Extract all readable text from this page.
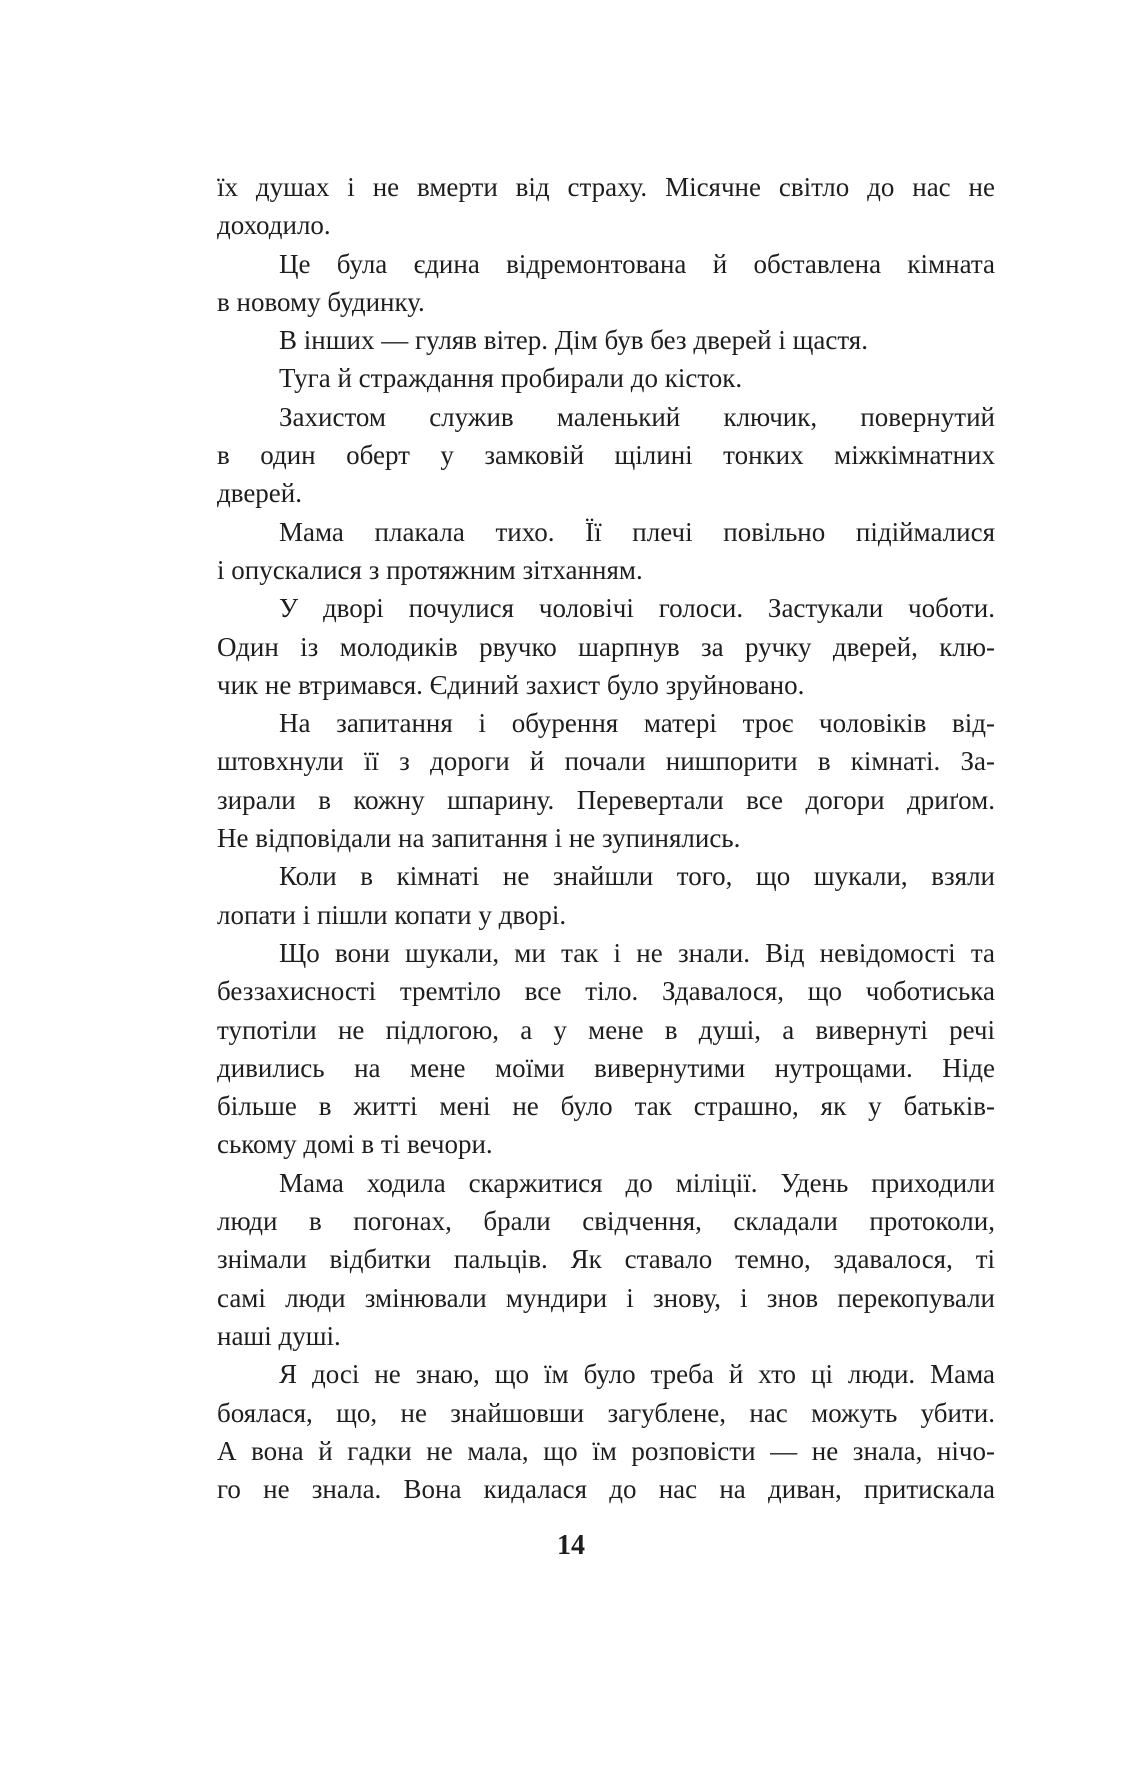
їх душах і не вмерти від страху. Місячне світло до нас не
доходило.
Це була єдина відремонтована й обставлена кімната
в новому будинку.
В інших — гуляв вітер. Дім був без дверей і щастя.
Туга й страждання пробирали до кісток.
Захистом служив маленький ключик, повернутий
в один оберт у замковій щілині тонких міжкімнатних
дверей.
Мама плакала тихо. Її плечі повільно підіймалися
і опускалися з протяжним зітханням.
У дворі почулися чоловічі голоси. Застукали чоботи.
Один із молодиків рвучко шарпнув за ручку дверей, клю-
чик не втримався. Єдиний захист було зруйновано.
На запитання і обурення матері троє чоловіків від-
штовхнули її з дороги й почали нишпорити в кімнаті. За-
зирали в кожну шпарину. Перевертали все догори дриґом.
Не відповідали на запитання і не зупинялись.
Коли в кімнаті не знайшли того, що шукали, взяли
лопати і пішли копати у дворі.
Що вони шукали, ми так і не знали. Від невідомості та
беззахисності тремтіло все тіло. Здавалося, що чоботиська
тупотіли не підлогою, а у мене в душі, а вивернуті речі
дивились на мене моїми вивернутими нутрощами. Ніде
більше в житті мені не було так страшно, як у батьків-
ському домі в ті вечори.
Мама ходила скаржитися до міліції. Удень приходили
люди в погонах, брали свідчення, складали протоколи,
знімали відбитки пальців. Як ставало темно, здавалося, ті
самі люди змінювали мундири і знову, і знов перекопували
наші душі.
Я досі не знаю, що їм було треба й хто ці люди. Мама
боялася, що, не знайшовши загублене, нас можуть убити.
А вона й гадки не мала, що їм розповісти — не знала, нічо-
го не знала. Вона кидалася до нас на диван, притискала
14
